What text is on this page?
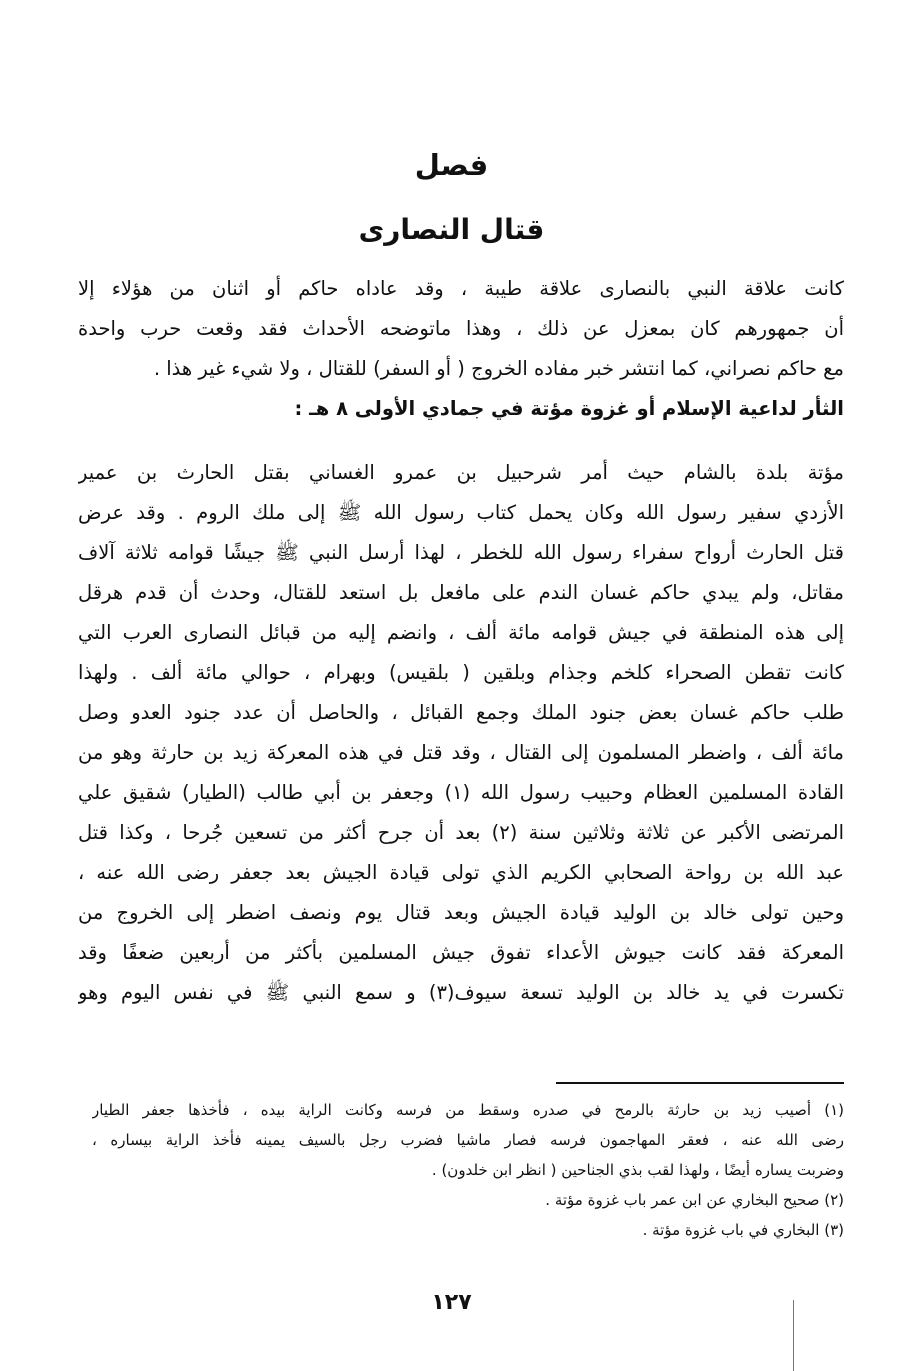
فصل
قتال النصارى
كانت علاقة النبي بالنصارى علاقة طيبة ، وقد عاداه حاكم أو اثنان من هؤلاء إلا
أن جمهورهم كان بمعزل عن ذلك ، وهذا ماتوضحه الأحداث فقد وقعت حرب واحدة
مع حاكم نصراني، كما انتشر خبر مفاده الخروج ( أو السفر) للقتال ، ولا شيء غير هذا .
الثأر لداعية الإسلام أو غزوة مؤتة في جمادي الأولى ٨ هـ :
مؤتة بلدة بالشام حيث أمر شرحبيل بن عمرو الغساني بقتل الحارث بن عمير
الأزدي سفير رسول الله وكان يحمل كتاب رسول الله ﷺ إلى ملك الروم . وقد عرض
قتل الحارث أرواح سفراء رسول الله للخطر ، لهذا أرسل النبي ﷺ جيشًا قوامه ثلاثة آلاف
مقاتل، ولم يبدي حاكم غسان الندم على مافعل بل استعد للقتال، وحدث أن قدم هرقل
إلى هذه المنطقة في جيش قوامه مائة ألف ، وانضم إليه من قبائل النصارى العرب التي
كانت تقطن الصحراء كلخم وجذام وبلقين ( بلقيس) وبهرام ، حوالي مائة ألف . ولهذا
طلب حاكم غسان بعض جنود الملك وجمع القبائل ، والحاصل أن عدد جنود العدو وصل
مائة ألف ، واضطر المسلمون إلى القتال ، وقد قتل في هذه المعركة زيد بن حارثة وهو من
القادة المسلمين العظام وحبيب رسول الله (١) وجعفر بن أبي طالب (الطيار) شقيق علي
المرتضى الأكبر عن ثلاثة وثلاثين سنة (٢) بعد أن جرح أكثر من تسعين جُرحا ، وكذا قتل
عبد الله بن رواحة الصحابي الكريم الذي تولى قيادة الجيش بعد جعفر رضى الله عنه ،
وحين تولى خالد بن الوليد قيادة الجيش وبعد قتال يوم ونصف اضطر إلى الخروج من
المعركة فقد كانت جيوش الأعداء تفوق جيش المسلمين بأكثر من أربعين ضعفًا وقد
تكسرت في يد خالد بن الوليد تسعة سيوف(٣) و سمع النبي ﷺ في نفس اليوم وهو
(١) أصيب زيد بن حارثة بالرمح في صدره وسقط من فرسه وكانت الراية بيده ، فأخذها جعفر الطيار
رضى الله عنه ، فعقر المهاجمون فرسه فصار ماشيا فضرب رجل بالسيف يمينه فأخذ الراية بيساره ،
وضربت يساره أيضًا ، ولهذا لقب بذي الجناحين ( انظر ابن خلدون) .
(٢) صحيح البخاري عن ابن عمر باب غزوة مؤتة .
(٣) البخاري في باب غزوة مؤتة .
١٢٧
